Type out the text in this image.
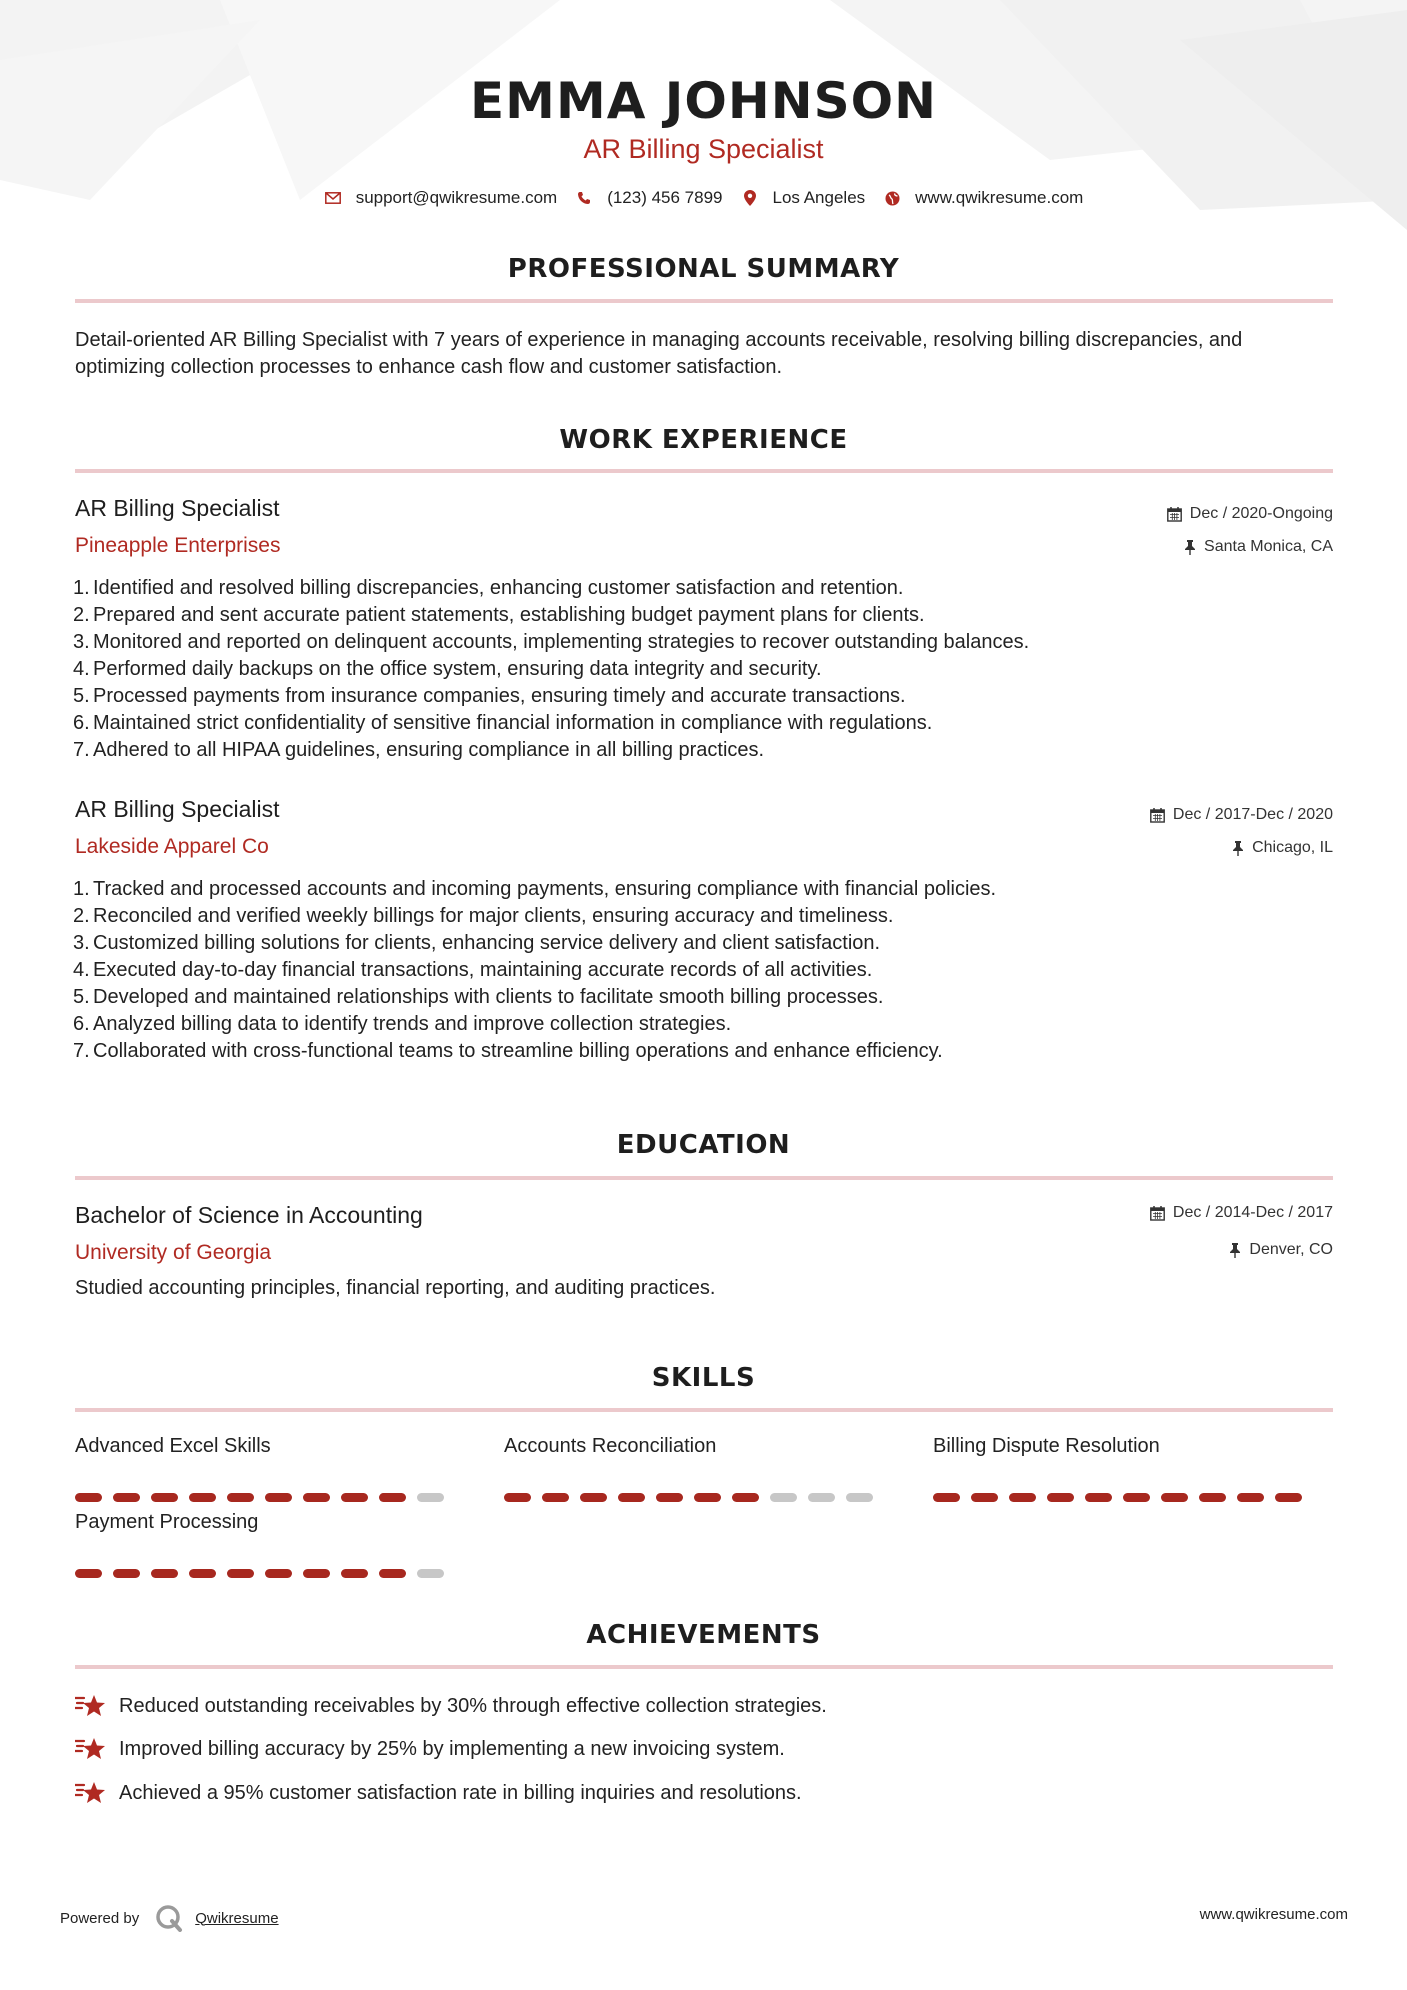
EMMA JOHNSON
AR Billing Specialist
support@qwikresume.com	(123) 456 7899	Los Angeles	www.qwikresume.com
PROFESSIONAL SUMMARY
Detail-oriented AR Billing Specialist with 7 years of experience in managing accounts receivable, resolving billing discrepancies, and optimizing collection processes to enhance cash flow and customer satisfaction.
WORK EXPERIENCE
AR Billing Specialist
Pineapple Enterprises
Dec / 2020-Ongoing
Santa Monica, CA
1. Identified and resolved billing discrepancies, enhancing customer satisfaction and retention.
2. Prepared and sent accurate patient statements, establishing budget payment plans for clients.
3. Monitored and reported on delinquent accounts, implementing strategies to recover outstanding balances.
4. Performed daily backups on the office system, ensuring data integrity and security.
5. Processed payments from insurance companies, ensuring timely and accurate transactions.
6. Maintained strict confidentiality of sensitive financial information in compliance with regulations.
7. Adhered to all HIPAA guidelines, ensuring compliance in all billing practices.
AR Billing Specialist
Lakeside Apparel Co
Dec / 2017-Dec / 2020
Chicago, IL
1. Tracked and processed accounts and incoming payments, ensuring compliance with financial policies.
2. Reconciled and verified weekly billings for major clients, ensuring accuracy and timeliness.
3. Customized billing solutions for clients, enhancing service delivery and client satisfaction.
4. Executed day-to-day financial transactions, maintaining accurate records of all activities.
5. Developed and maintained relationships with clients to facilitate smooth billing processes.
6. Analyzed billing data to identify trends and improve collection strategies.
7. Collaborated with cross-functional teams to streamline billing operations and enhance efficiency.
EDUCATION
Bachelor of Science in Accounting
University of Georgia
Dec / 2014-Dec / 2017
Denver, CO
Studied accounting principles, financial reporting, and auditing practices.
SKILLS
Advanced Excel Skills	Accounts Reconciliation	Billing Dispute Resolution
Payment Processing
ACHIEVEMENTS
Reduced outstanding receivables by 30% through effective collection strategies.
Improved billing accuracy by 25% by implementing a new invoicing system.
Achieved a 95% customer satisfaction rate in billing inquiries and resolutions.
Powered by	Qwikresume	www.qwikresume.com
